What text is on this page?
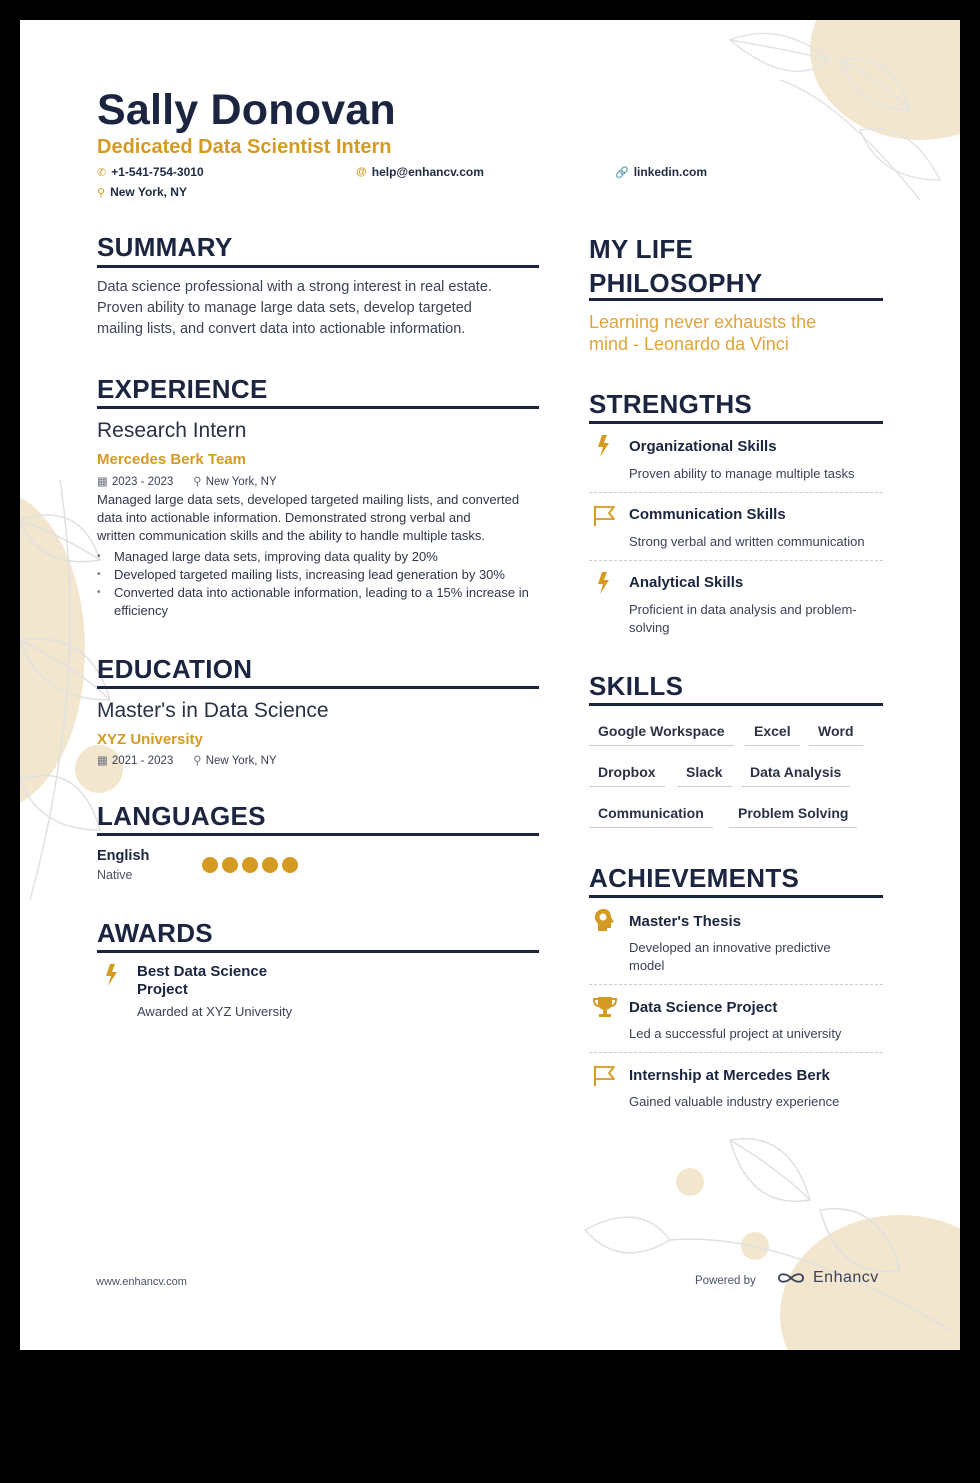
Sally Donovan
Dedicated Data Scientist Intern
✆ +1-541-754-3010	@ help@enhancv.com	🔗 linkedin.com
⚲ New York, NY
SUMMARY
Data science professional with a strong interest in real estate.
Proven ability to manage large data sets, develop targeted
mailing lists, and convert data into actionable information.
EXPERIENCE
Research Intern
Mercedes Berk Team
▦ 2023 - 2023 ⚲ New York, NY
Managed large data sets, developed targeted mailing lists, and converted
data into actionable information. Demonstrated strong verbal and
written communication skills and the ability to handle multiple tasks.
• Managed large data sets, improving data quality by 20%
• Developed targeted mailing lists, increasing lead generation by 30%
• Converted data into actionable information, leading to a 15% increase in efficiency
EDUCATION
Master's in Data Science
XYZ University
▦ 2021 - 2023 ⚲ New York, NY
LANGUAGES
English
Native
AWARDS
Best Data Science
Project
Awarded at XYZ University
MY LIFE
PHILOSOPHY
Learning never exhausts the
mind - Leonardo da Vinci
STRENGTHS
Organizational Skills
Proven ability to manage multiple tasks
Communication Skills
Strong verbal and written communication
Analytical Skills
Proficient in data analysis and problem-
solving
SKILLS
Google Workspace	Excel	Word
Dropbox	Slack	Data Analysis
Communication	Problem Solving
ACHIEVEMENTS
Master's Thesis
Developed an innovative predictive
model
Data Science Project
Led a successful project at university
Internship at Mercedes Berk
Gained valuable industry experience
www.enhancv.com	Powered by	Enhancv
